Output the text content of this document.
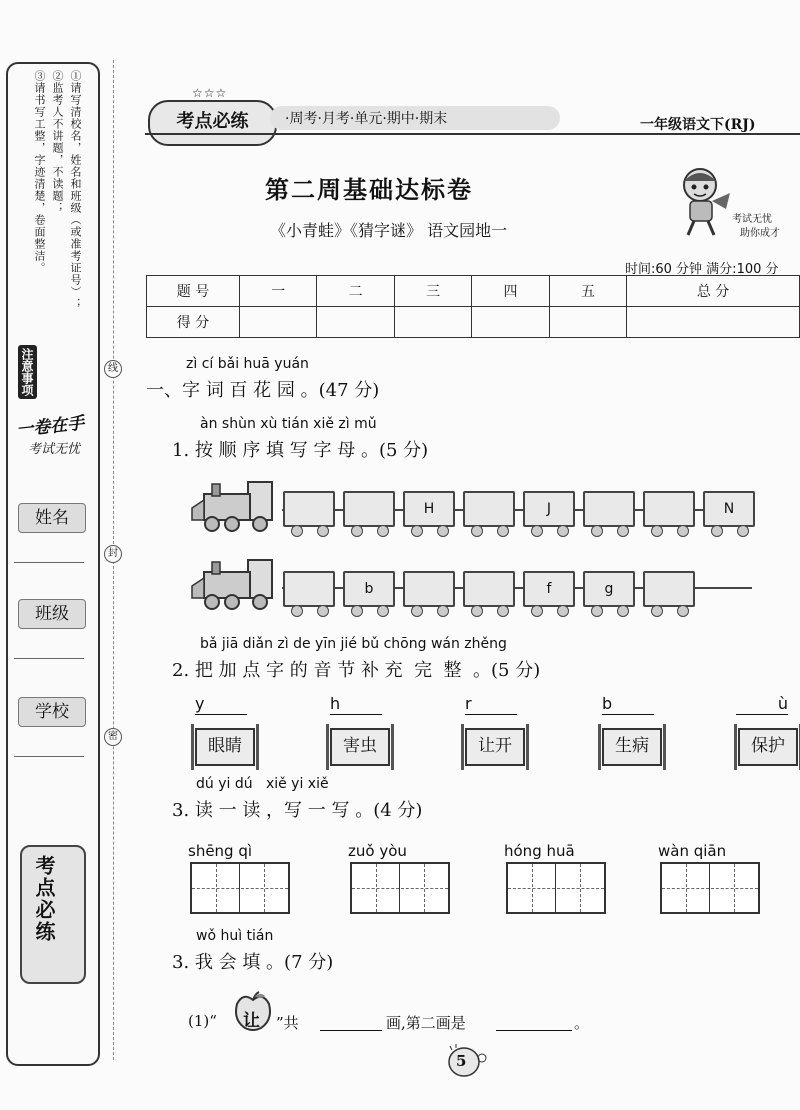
①请写清校名，姓名和班级（或准考证号）；
②监考人不讲题，不读题；
③请书写工整，字迹清楚，卷面整洁。
注意事项
一卷在手
考试无忧
姓名
班级
学校
考点必练
线
封
密
☆☆☆
考点必练	·周考·月考·单元·期中·期末	一年级语文下(RJ)
第二周基础达标卷
《小青蛙》《猜字谜》 语文园地一
考试无忧
助你成才
时间:60 分钟 满分:100 分
题 号	一	二	三	四	五	总 分
得 分						
zì cí bǎi huā yuán
一、字 词 百 花 园 。(47 分)
àn shùn xù tián xiě zì mǔ
1. 按 顺 序 填 写 字 母 。(5 分)
H	J	N
b	f	g
bǎ jiā diǎn zì de yīn jié bǔ chōng wán zhěng
2. 把 加 点 字 的 音 节 补 充  完  整  。(5 分)
y
眼睛
h
害虫
r
让开
b
生病
ù
保护
dú yi dú   xiě yi xiě
3. 读 一 读 ，写 一 写 。(4 分)
shēng qì	zuǒ yòu	hóng huā	wàn qiān
wǒ huì tián
3. 我 会 填 。(7 分)
(1)“ 让 ”共	画,第二画是	。
5
